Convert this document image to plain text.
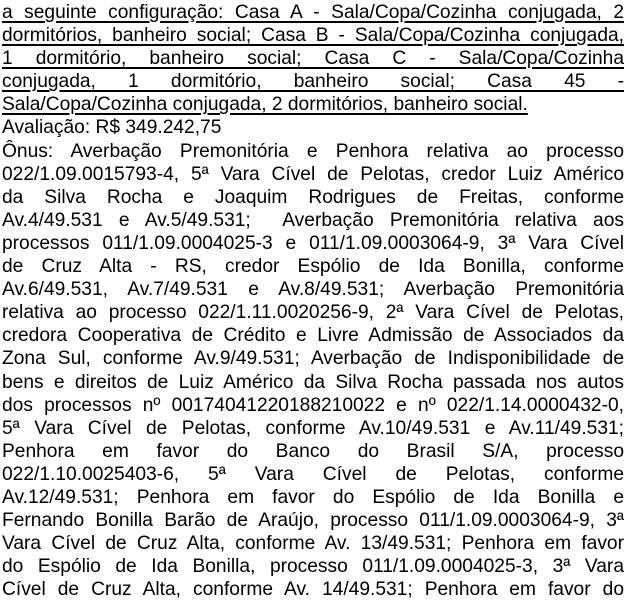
a seguinte configuração: Casa A - Sala/Copa/Cozinha conjugada, 2
dormitórios, banheiro social; Casa B - Sala/Copa/Cozinha conjugada,
1 dormitório, banheiro social; Casa C - Sala/Copa/Cozinha
conjugada, 1 dormitório, banheiro social; Casa 45 -
Sala/Copa/Cozinha conjugada, 2 dormitórios, banheiro social.
Avaliação: R$ 349.242,75
Ônus: Averbação Premonitória e Penhora relativa ao processo
022/1.09.0015793-4, 5ª Vara Cível de Pelotas, credor Luiz Américo
da Silva Rocha e Joaquim Rodrigues de Freitas, conforme
Av.4/49.531 e Av.5/49.531;  Averbação Premonitória relativa aos
processos 011/1.09.0004025-3 e 011/1.09.0003064-9, 3ª Vara Cível
de Cruz Alta - RS, credor Espólio de Ida Bonilla, conforme
Av.6/49.531, Av.7/49.531 e Av.8/49.531; Averbação Premonitória
relativa ao processo 022/1.11.0020256-9, 2ª Vara Cível de Pelotas,
credora Cooperativa de Crédito e Livre Admissão de Associados da
Zona Sul, conforme Av.9/49.531; Averbação de Indisponibilidade de
bens e direitos de Luiz Américo da Silva Rocha passada nos autos
dos processos nº 00174041220188210022 e nº 022/1.14.0000432-0,
5ª Vara Cível de Pelotas, conforme Av.10/49.531 e Av.11/49.531;
Penhora em favor do Banco do Brasil S/A, processo
022/1.10.0025403-6, 5ª Vara Cível de Pelotas, conforme
Av.12/49.531; Penhora em favor do Espólio de Ida Bonilla e
Fernando Bonilla Barão de Araújo, processo 011/1.09.0003064-9, 3ª
Vara Cível de Cruz Alta, conforme Av. 13/49.531; Penhora em favor
do Espólio de Ida Bonilla, processo 011/1.09.0004025-3, 3ª Vara
Cível de Cruz Alta, conforme Av. 14/49.531; Penhora em favor do
